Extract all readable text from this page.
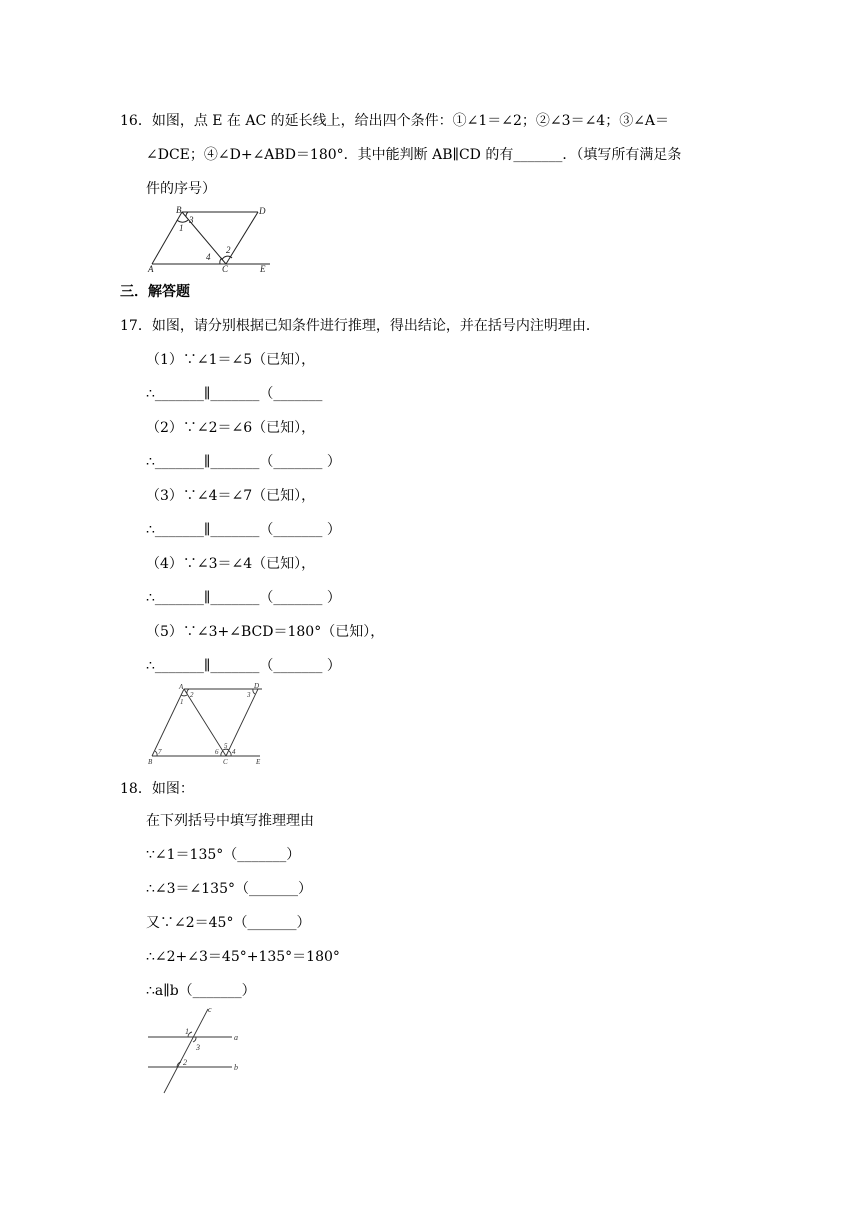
16．如图，点 E 在 AC 的延长线上，给出四个条件：①∠1＝∠2；②∠3＝∠4；③∠A＝
∠DCE；④∠D+∠ABD＝180°．其中能判断 AB∥CD 的有_______．（填写所有满足条
件的序号）
B	D
1
3
2
4
A	C	E
三．解答题
17．如图，请分别根据已知条件进行推理，得出结论，并在括号内注明理由．
（1）∵∠1＝∠5（已知），
∴_______∥_______（_______
（2）∵∠2＝∠6（已知），
∴_______∥_______（_______ ）
（3）∵∠4＝∠7（已知），
∴_______∥_______（_______ ）
（4）∵∠3＝∠4（已知），
∴_______∥_______（_______ ）
（5）∵∠3+∠BCD＝180°（已知），
∴_______∥_______（_______ ）
A	D
2
1
3
7	6
5
4
B	C	E
18．如图：
在下列括号中填写推理理由
∵∠1＝135°（_______）
∴∠3＝∠135°（_______）
又∵∠2＝45°（_______）
∴∠2+∠3＝45°+135°＝180°
∴a∥b（_______）
c
1
3
a
2
b
